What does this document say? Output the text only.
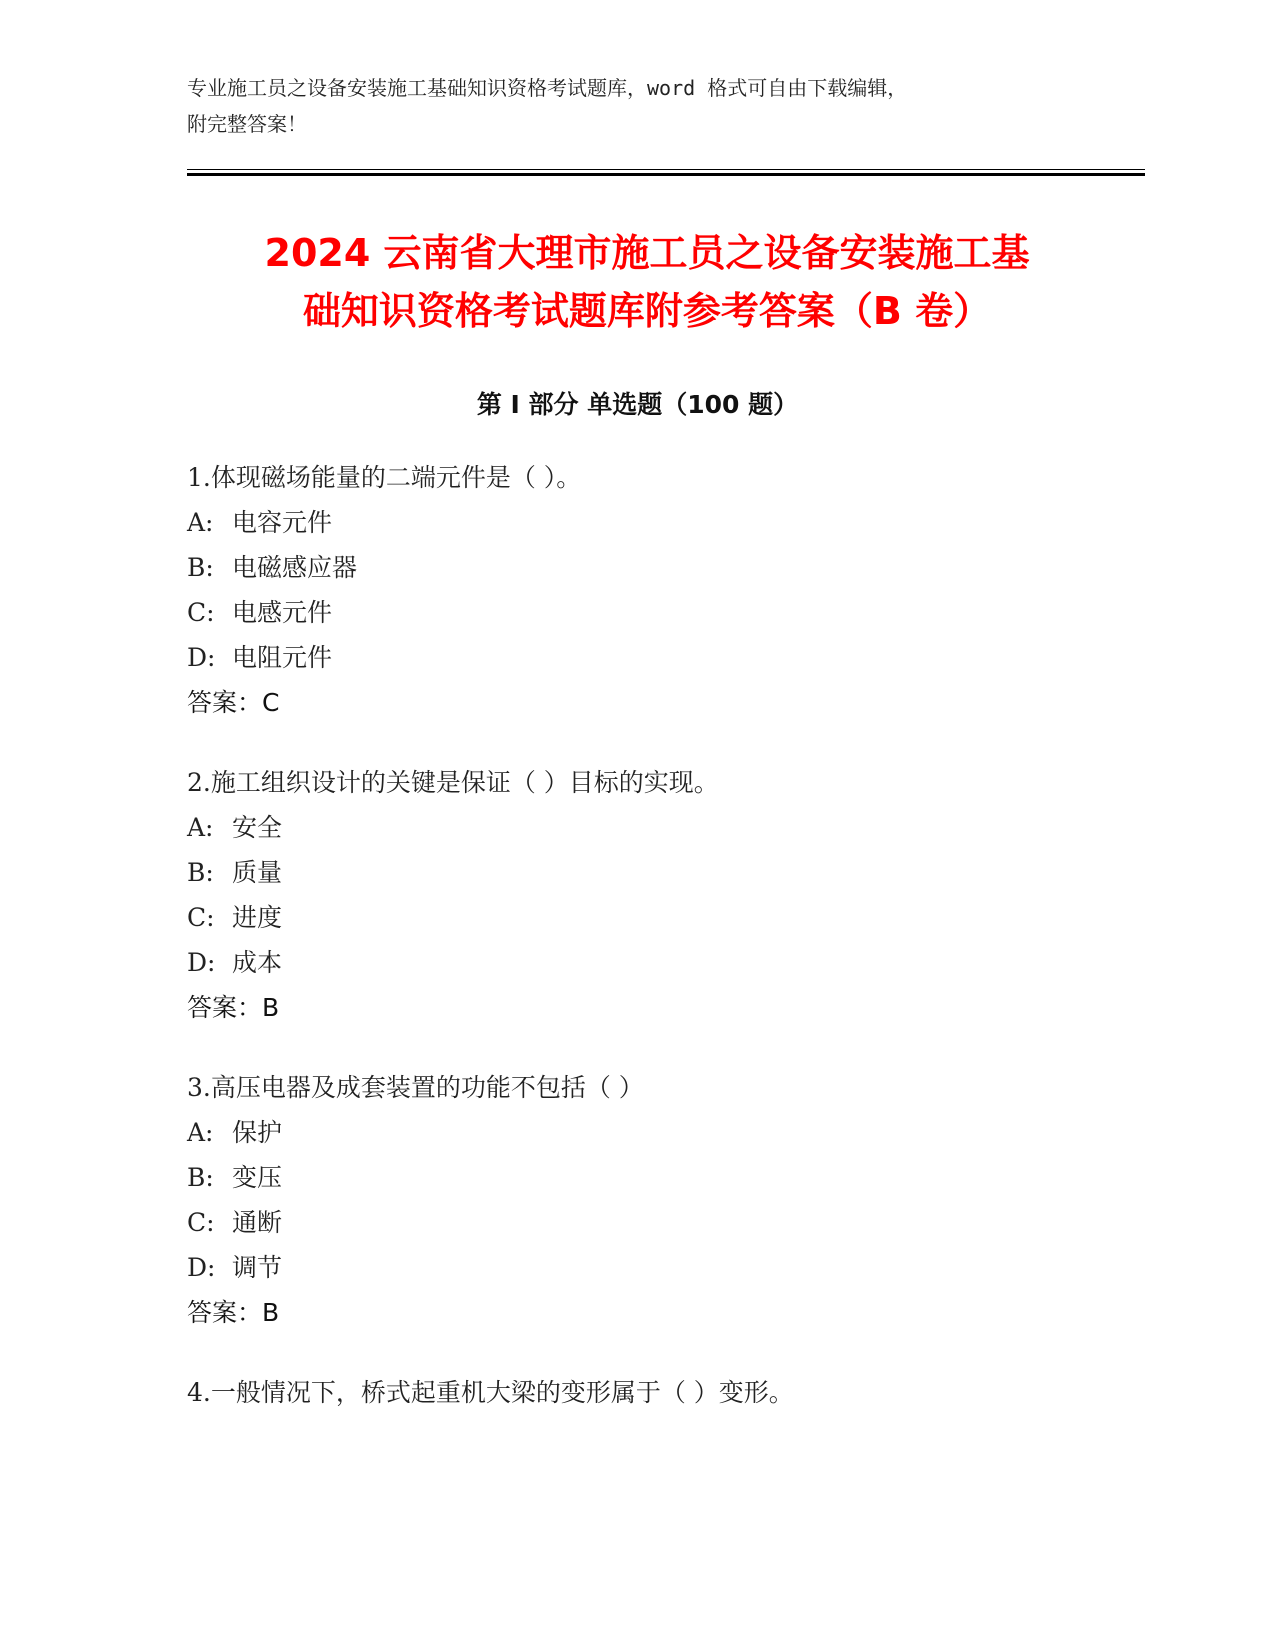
专业施工员之设备安装施工基础知识资格考试题库，word 格式可自由下载编辑，
附完整答案！
2024 云南省大理市施工员之设备安装施工基
础知识资格考试题库附参考答案（B 卷）
第 I 部分 单选题（100 题）
1.体现磁场能量的二端元件是（ ）。
A: 电容元件
B: 电磁感应器
C: 电感元件
D: 电阻元件
答案：C
2.施工组织设计的关键是保证（ ）目标的实现。
A: 安全
B: 质量
C: 进度
D: 成本
答案：B
3.高压电器及成套装置的功能不包括（ ）
A: 保护
B: 变压
C: 通断
D: 调节
答案：B
4.一般情况下，桥式起重机大梁的变形属于（ ）变形。
